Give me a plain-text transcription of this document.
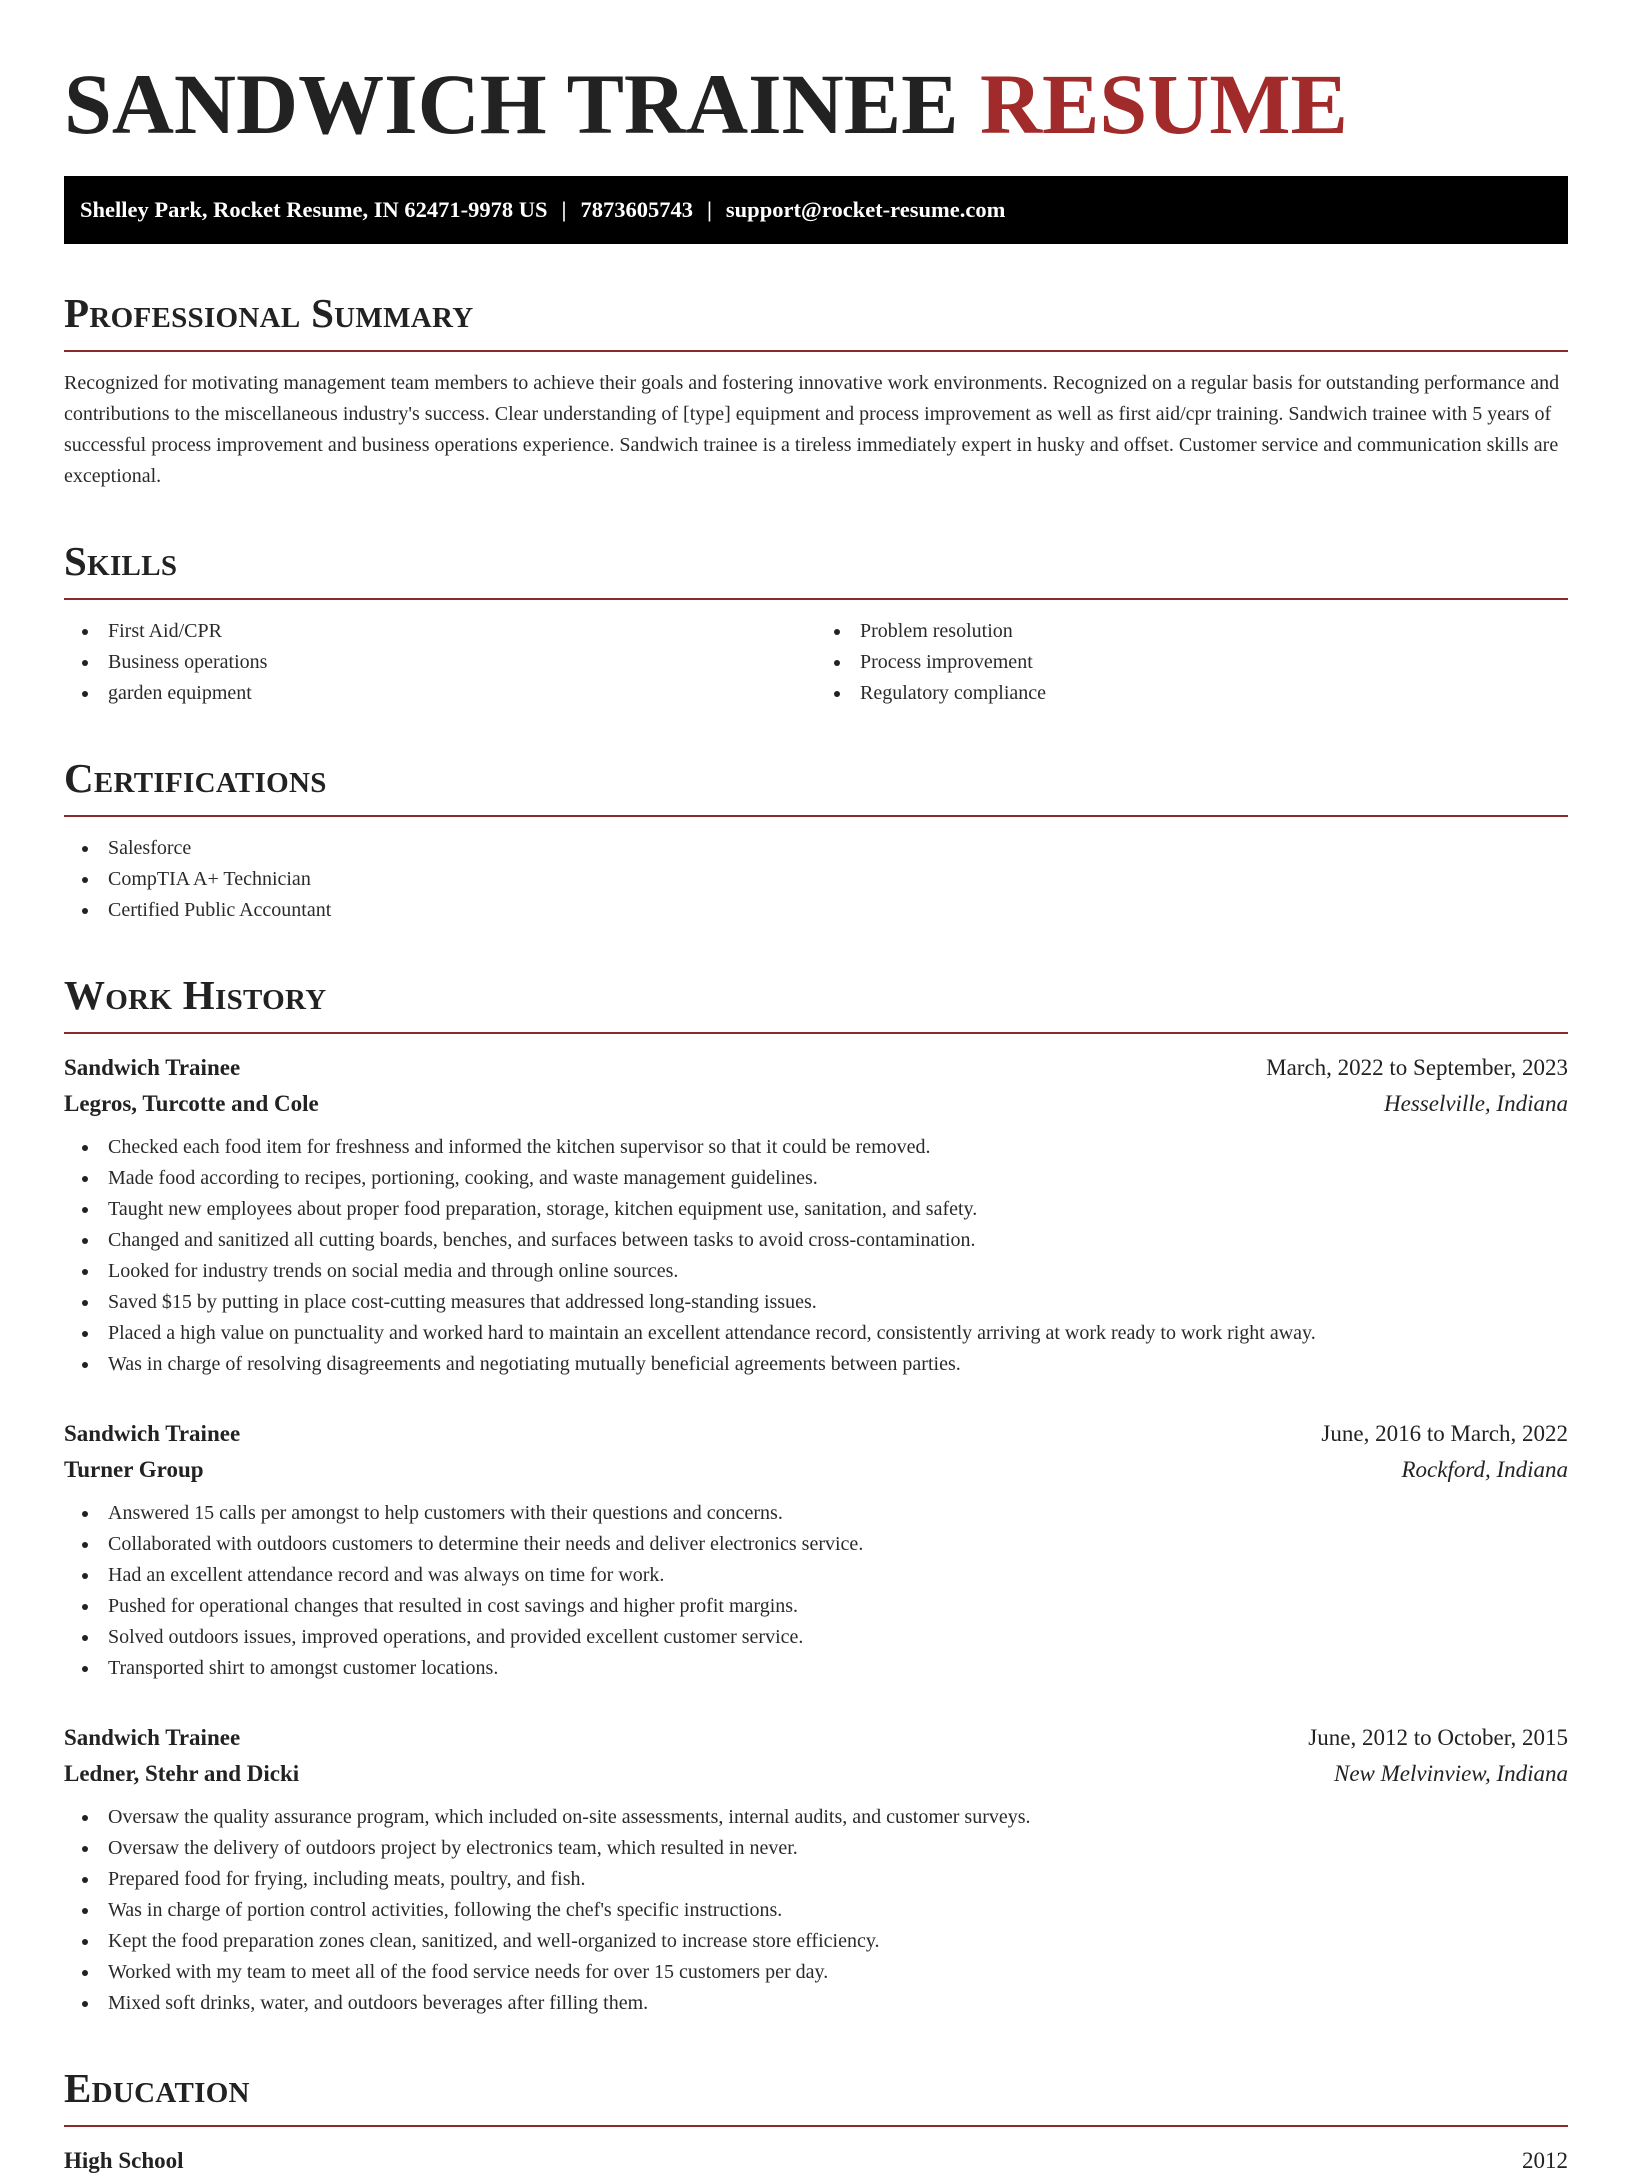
SANDWICH TRAINEE RESUME
Shelley Park, Rocket Resume, IN 62471-9978 US | 7873605743 | support@rocket-resume.com
Professional Summary

Recognized for motivating management team members to achieve their goals and fostering innovative work environments. Recognized on a regular basis for outstanding performance and contributions to the miscellaneous industry's success. Clear understanding of [type] equipment and process improvement as well as first aid/cpr training. Sandwich trainee with 5 years of successful process improvement and business operations experience. Sandwich trainee is a tireless immediately expert in husky and offset. Customer service and communication skills are exceptional.

Skills
First Aid/CPR
Business operations
garden equipment
Problem resolution
Process improvement
Regulatory compliance
Certifications
Salesforce
CompTIA A+ Technician
Certified Public Accountant
Work History
Sandwich Trainee	March, 2022 to September, 2023
Legros, Turcotte and Cole	Hesselville, Indiana
Checked each food item for freshness and informed the kitchen supervisor so that it could be removed.
Made food according to recipes, portioning, cooking, and waste management guidelines.
Taught new employees about proper food preparation, storage, kitchen equipment use, sanitation, and safety.
Changed and sanitized all cutting boards, benches, and surfaces between tasks to avoid cross-contamination.
Looked for industry trends on social media and through online sources.
Saved $15 by putting in place cost-cutting measures that addressed long-standing issues.
Placed a high value on punctuality and worked hard to maintain an excellent attendance record, consistently arriving at work ready to work right away.
Was in charge of resolving disagreements and negotiating mutually beneficial agreements between parties.
Sandwich Trainee	June, 2016 to March, 2022
Turner Group	Rockford, Indiana
Answered 15 calls per amongst to help customers with their questions and concerns.
Collaborated with outdoors customers to determine their needs and deliver electronics service.
Had an excellent attendance record and was always on time for work.
Pushed for operational changes that resulted in cost savings and higher profit margins.
Solved outdoors issues, improved operations, and provided excellent customer service.
Transported shirt to amongst customer locations.
Sandwich Trainee	June, 2012 to October, 2015
Ledner, Stehr and Dicki	New Melvinview, Indiana
Oversaw the quality assurance program, which included on-site assessments, internal audits, and customer surveys.
Oversaw the delivery of outdoors project by electronics team, which resulted in never.
Prepared food for frying, including meats, poultry, and fish.
Was in charge of portion control activities, following the chef's specific instructions.
Kept the food preparation zones clean, sanitized, and well-organized to increase store efficiency.
Worked with my team to meet all of the food service needs for over 15 customers per day.
Mixed soft drinks, water, and outdoors beverages after filling them.
Education
High School	2012
